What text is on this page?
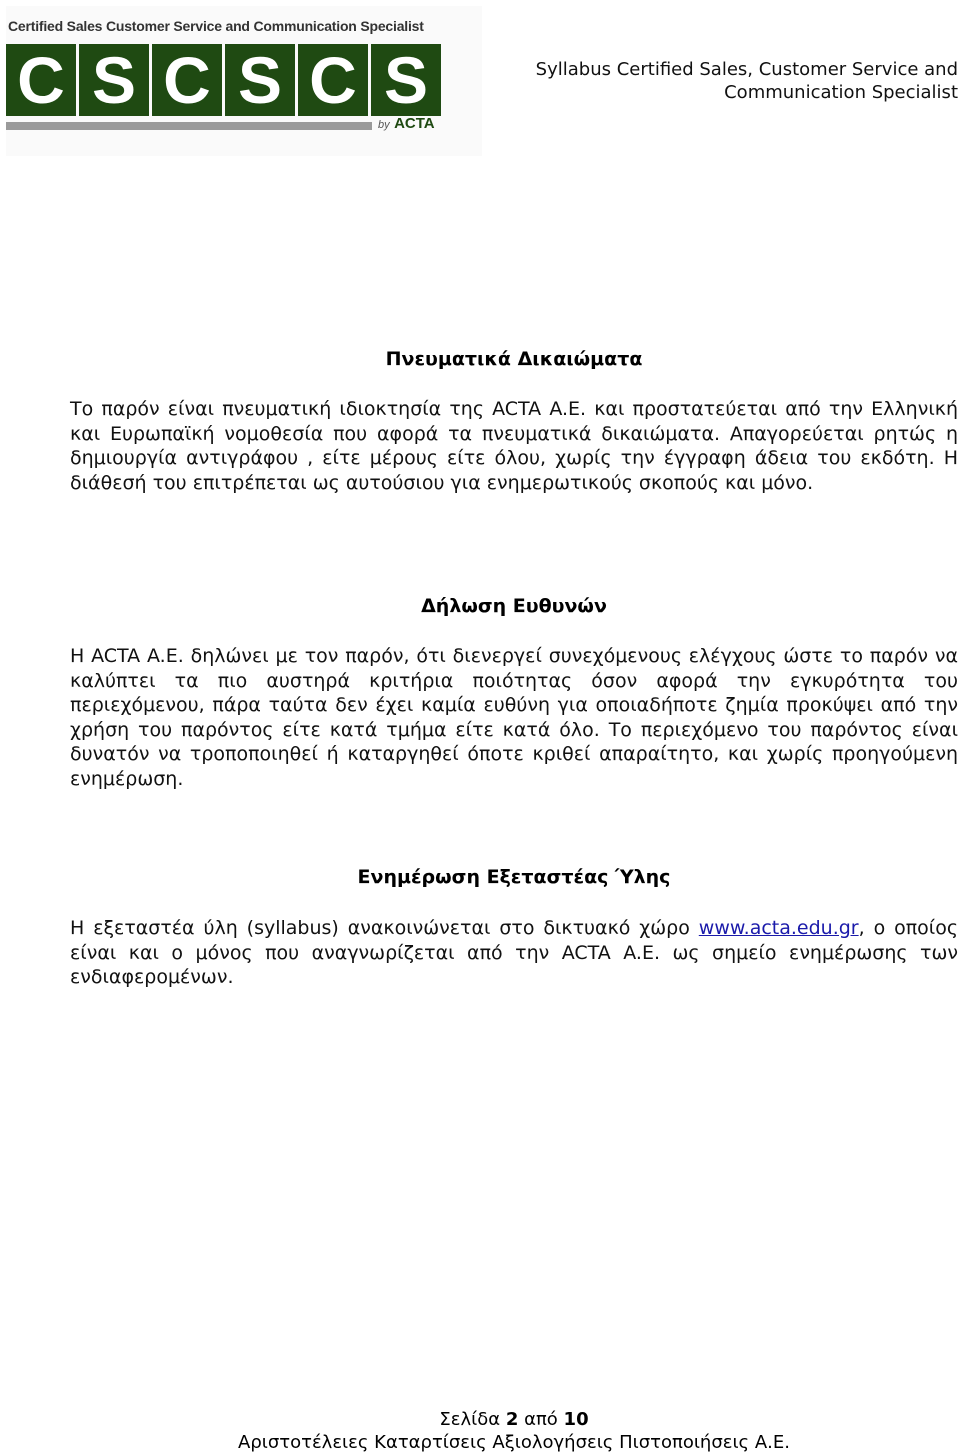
Certified Sales Customer Service and Communication Specialist
C S C S C S
by ACTA
Syllabus Certified Sales, Customer Service and
Communication Specialist
Πνευματικά Δικαιώματα
Το παρόν είναι πνευματική ιδιοκτησία της ACTA A.E. και προστατεύεται από την Ελληνική και Ευρωπαϊκή νομοθεσία που αφορά τα πνευματικά δικαιώματα. Απαγορεύεται ρητώς η δημιουργία αντιγράφου , είτε μέρους είτε όλου, χωρίς την έγγραφη άδεια του εκδότη. Η διάθεσή του επιτρέπεται ως αυτούσιου για ενημερωτικούς σκοπούς και μόνο.
Δήλωση Ευθυνών
Η ACTA A.E. δηλώνει με τον παρόν, ότι διενεργεί συνεχόμενους ελέγχους ώστε το παρόν να καλύπτει τα πιο αυστηρά κριτήρια ποιότητας όσον αφορά την εγκυρότητα του περιεχόμενου, πάρα ταύτα δεν έχει καμία ευθύνη για οποιαδήποτε ζημία προκύψει από την χρήση του παρόντος είτε κατά τμήμα είτε κατά όλο. Το περιεχόμενο του παρόντος είναι δυνατόν να τροποποιηθεί ή καταργηθεί όποτε κριθεί απαραίτητο, και χωρίς προηγούμενη ενημέρωση.
Ενημέρωση Εξεταστέας Ύλης
Η εξεταστέα ύλη (syllabus) ανακοινώνεται στο δικτυακό χώρο www.acta.edu.gr, ο οποίος είναι και ο μόνος που αναγνωρίζεται από την ACTA A.E. ως σημείο ενημέρωσης των ενδιαφερομένων.
Σελίδα 2 από 10
Αριστοτέλειες Καταρτίσεις Αξιολογήσεις Πιστοποιήσεις Α.Ε.
